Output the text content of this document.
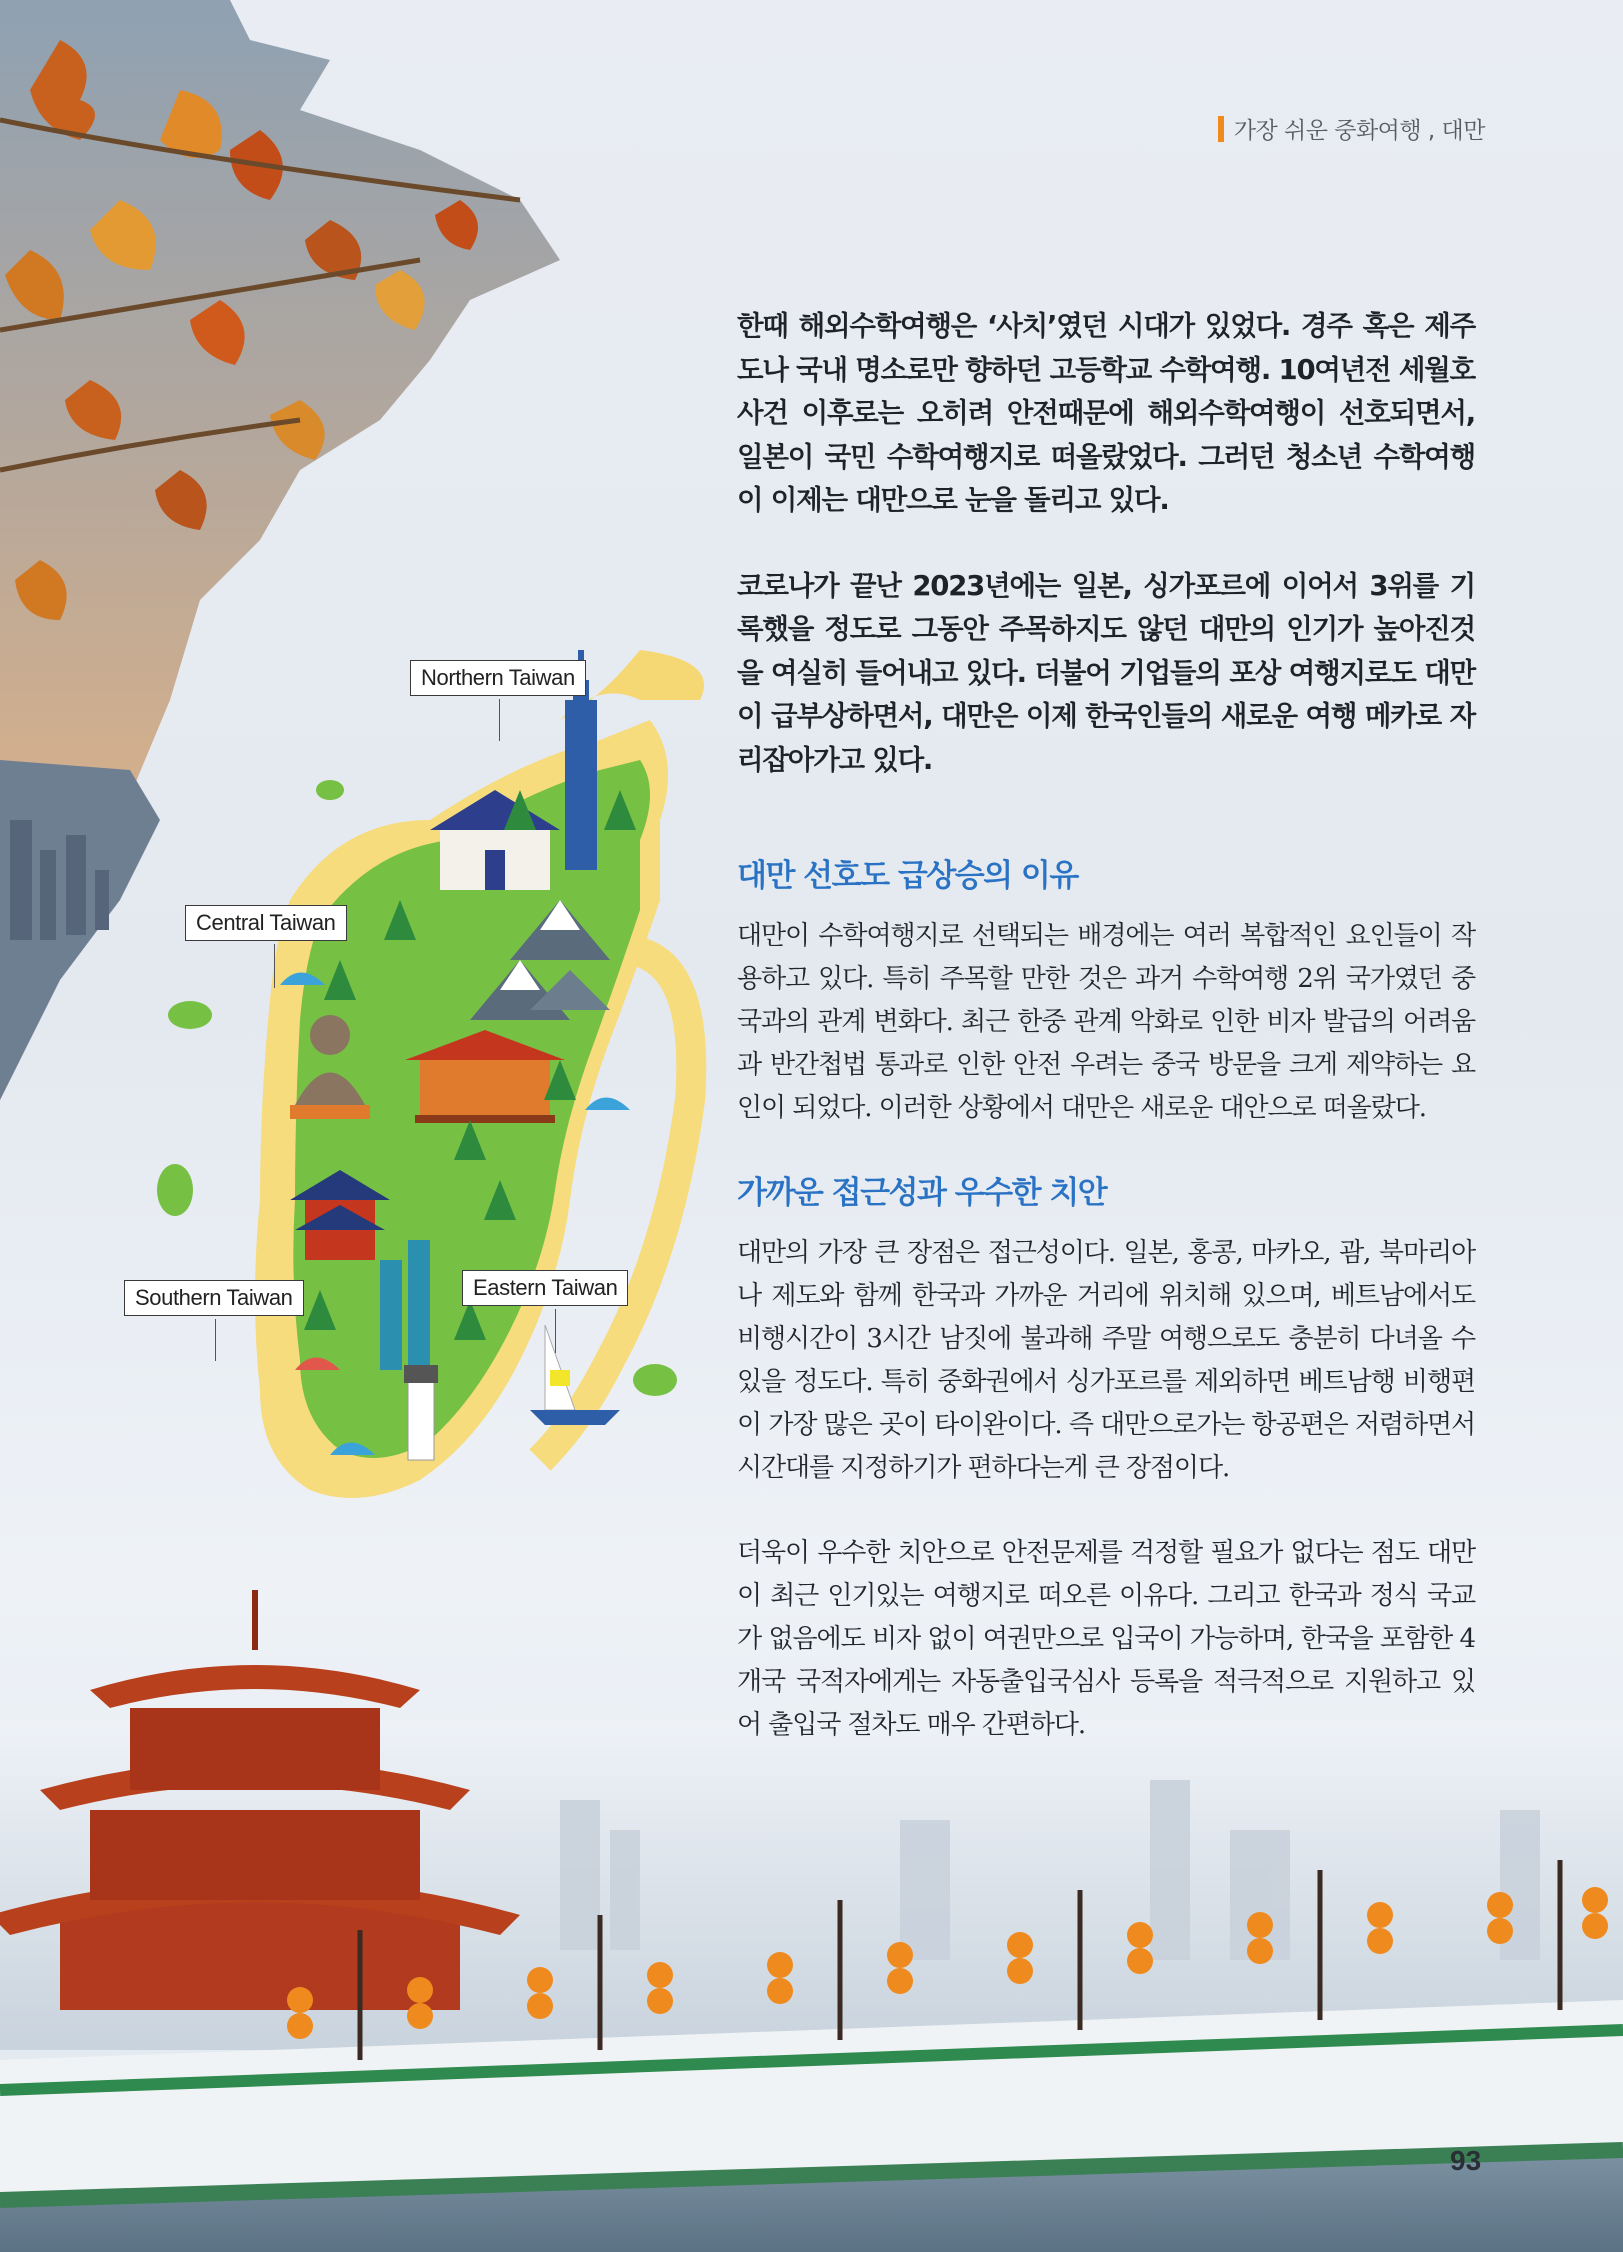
가장 쉬운 중화여행 , 대만

한때 해외수학여행은 ‘사치’였던 시대가 있었다. 경주 혹은 제주도나 국내 명소로만 향하던 고등학교 수학여행. 10여년전 세월호 사건 이후로는 오히려 안전때문에 해외수학여행이 선호되면서, 일본이 국민 수학여행지로 떠올랐었다. 그러던 청소년 수학여행이 이제는 대만으로 눈을 돌리고 있다.

코로나가 끝난 2023년에는 일본, 싱가포르에 이어서 3위를 기록했을 정도로 그동안 주목하지도 않던 대만의 인기가 높아진것을 여실히 들어내고 있다. 더불어 기업들의 포상 여행지로도 대만이 급부상하면서, 대만은 이제 한국인들의 새로운 여행 메카로 자리잡아가고 있다.

대만 선호도 급상승의 이유

대만이 수학여행지로 선택되는 배경에는 여러 복합적인 요인들이 작용하고 있다. 특히 주목할 만한 것은 과거 수학여행 2위 국가였던 중국과의 관계 변화다. 최근 한중 관계 악화로 인한 비자 발급의 어려움과 반간첩법 통과로 인한 안전 우려는 중국 방문을 크게 제약하는 요인이 되었다. 이러한 상황에서 대만은 새로운 대안으로 떠올랐다.

가까운 접근성과 우수한 치안

대만의 가장 큰 장점은 접근성이다. 일본, 홍콩, 마카오, 괌, 북마리아나 제도와 함께 한국과 가까운 거리에 위치해 있으며, 베트남에서도 비행시간이 3시간 남짓에 불과해 주말 여행으로도 충분히 다녀올 수 있을 정도다. 특히 중화권에서 싱가포르를 제외하면 베트남행 비행편이 가장 많은 곳이 타이완이다. 즉 대만으로가는 항공편은 저렴하면서 시간대를 지정하기가 편하다는게 큰 장점이다.

더욱이 우수한 치안으로 안전문제를 걱정할 필요가 없다는 점도 대만이 최근 인기있는 여행지로 떠오른 이유다. 그리고 한국과 정식 국교가 없음에도 비자 없이 여권만으로 입국이 가능하며, 한국을 포함한 4개국 국적자에게는 자동출입국심사 등록을 적극적으로 지원하고 있어 출입국 절차도 매우 간편하다.

Northern Taiwan
Central Taiwan
Southern Taiwan	Eastern Taiwan
93
